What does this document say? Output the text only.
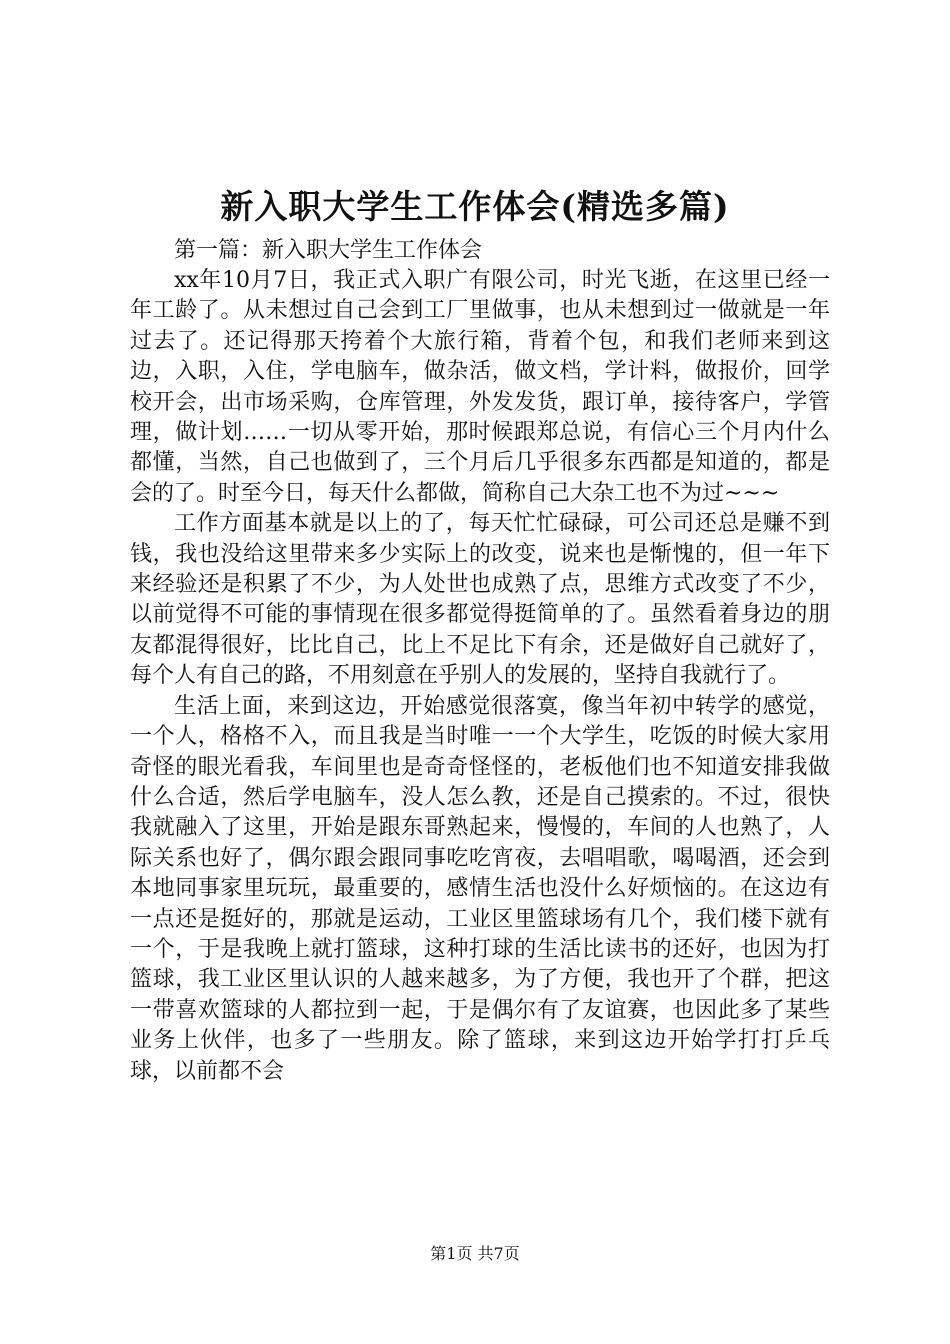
新入职大学生工作体会(精选多篇)

第一篇：新入职大学生工作体会

xx年10月7日，我正式入职广有限公司，时光飞逝，在这里已经一年工龄了。从未想过自己会到工厂里做事，也从未想到过一做就是一年过去了。还记得那天挎着个大旅行箱，背着个包，和我们老师来到这边，入职，入住，学电脑车，做杂活，做文档，学计料，做报价，回学校开会，出市场采购，仓库管理，外发发货，跟订单，接待客户，学管理，做计划……一切从零开始，那时候跟郑总说，有信心三个月内什么都懂，当然，自己也做到了，三个月后几乎很多东西都是知道的，都是会的了。时至今日，每天什么都做，简称自己大杂工也不为过~~~

工作方面基本就是以上的了，每天忙忙碌碌，可公司还总是赚不到钱，我也没给这里带来多少实际上的改变，说来也是惭愧的，但一年下来经验还是积累了不少，为人处世也成熟了点，思维方式改变了不少，以前觉得不可能的事情现在很多都觉得挺简单的了。虽然看着身边的朋友都混得很好，比比自己，比上不足比下有余，还是做好自己就好了，每个人有自己的路，不用刻意在乎别人的发展的，坚持自我就行了。

生活上面，来到这边，开始感觉很落寞，像当年初中转学的感觉，一个人，格格不入，而且我是当时唯一一个大学生，吃饭的时候大家用奇怪的眼光看我，车间里也是奇奇怪怪的，老板他们也不知道安排我做什么合适，然后学电脑车，没人怎么教，还是自己摸索的。不过，很快我就融入了这里，开始是跟东哥熟起来，慢慢的，车间的人也熟了，人际关系也好了，偶尔跟会跟同事吃吃宵夜，去唱唱歌，喝喝酒，还会到本地同事家里玩玩，最重要的，感情生活也没什么好烦恼的。在这边有一点还是挺好的，那就是运动，工业区里篮球场有几个，我们楼下就有一个，于是我晚上就打篮球，这种打球的生活比读书的还好，也因为打篮球，我工业区里认识的人越来越多，为了方便，我也开了个群，把这一带喜欢篮球的人都拉到一起，于是偶尔有了友谊赛，也因此多了某些业务上伙伴，也多了一些朋友。除了篮球，来到这边开始学打打乒乓球，以前都不会

第1页 共7页
